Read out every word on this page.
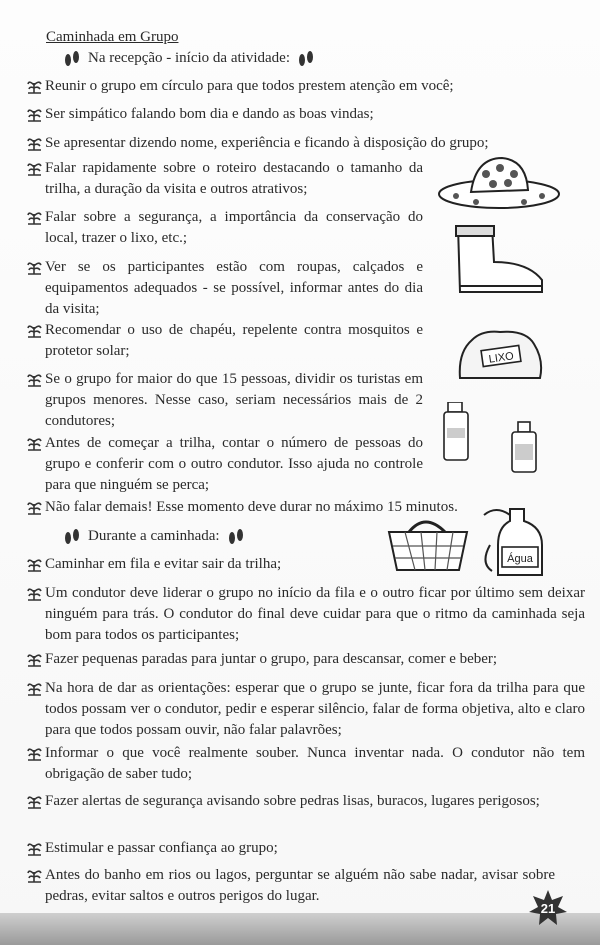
Caminhada em Grupo
Na recepção - início da atividade:
Reunir o grupo em círculo para que todos prestem atenção em você;
Ser simpático falando bom dia e dando as boas vindas;
Se apresentar dizendo nome, experiência e ficando à disposição do grupo;
Falar rapidamente sobre o roteiro destacando o tamanho da trilha, a duração da visita e outros atrativos;
Falar sobre a segurança, a importância da conservação do local, trazer o lixo, etc.;
Ver se os participantes estão com roupas, calçados e equipamentos adequados - se possível, informar antes do dia da visita;
Recomendar o uso de chapéu, repelente contra mosquitos e protetor solar;
Se o grupo for maior do que 15 pessoas, dividir os turistas em grupos menores. Nesse caso, seriam necessários mais de 2 condutores;
Antes de começar a trilha, contar o número de pessoas do grupo e conferir com o outro condutor. Isso ajuda no controle para que ninguém se perca;
Não falar demais! Esse momento deve durar no máximo 15 minutos.
Durante a caminhada:
Caminhar em fila e evitar sair da trilha;
Um condutor deve liderar o grupo no início da fila e o outro ficar por último sem deixar ninguém para trás. O condutor do final deve cuidar para que o ritmo da caminhada seja bom para todos os participantes;
Fazer pequenas paradas para juntar o grupo, para descansar, comer e beber;
Na hora de dar as orientações: esperar que o grupo se junte, ficar fora da trilha para que todos possam ver o condutor, pedir e esperar silêncio, falar de forma objetiva, alto e claro para que todos possam ouvir, não falar palavrões;
Informar o que você realmente souber. Nunca inventar nada. O condutor não tem obrigação de saber tudo;
Fazer alertas de segurança avisando sobre pedras lisas, buracos, lugares perigosos;
Estimular e passar confiança ao grupo;
Antes do banho em rios ou lagos, perguntar se alguém não sabe nadar, avisar sobre pedras, evitar saltos e outros perigos do lugar.
LIXO
Água
21
